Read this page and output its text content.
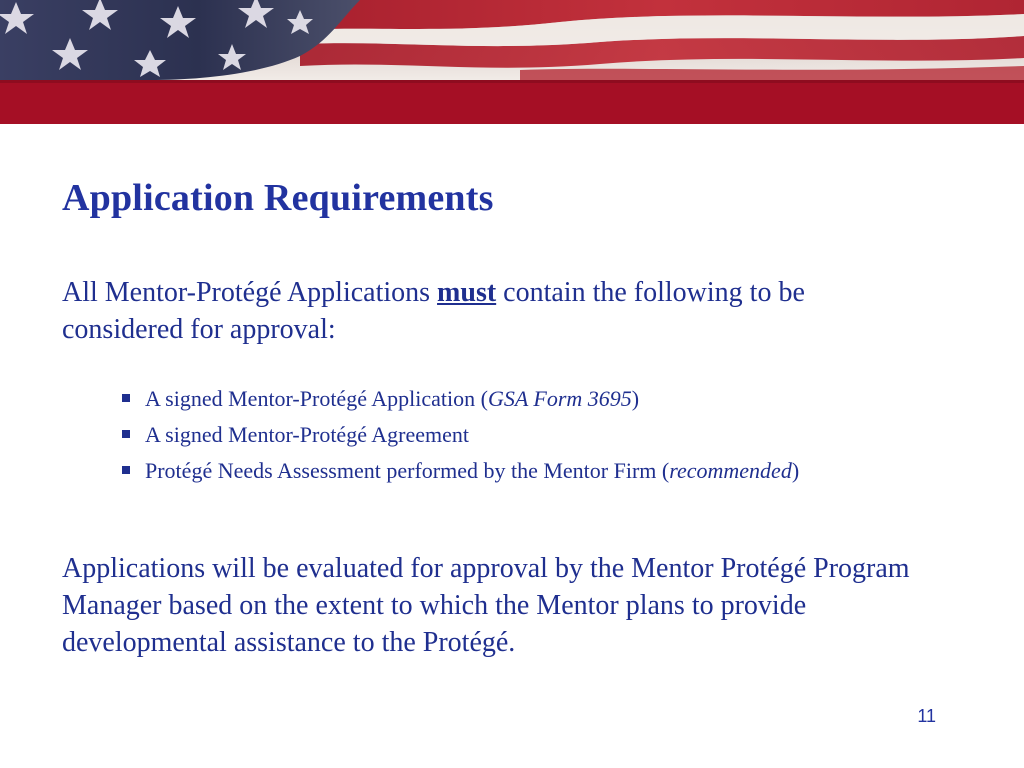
Application Requirements

All Mentor-Protégé Applications must contain the following to be considered for approval:

A signed Mentor-Protégé Application (GSA Form 3695)
A signed Mentor-Protégé Agreement
Protégé Needs Assessment performed by the Mentor Firm (recommended)

Applications will be evaluated for approval by the Mentor Protégé Program Manager based on the extent to which the Mentor plans to provide developmental assistance to the Protégé.

11
